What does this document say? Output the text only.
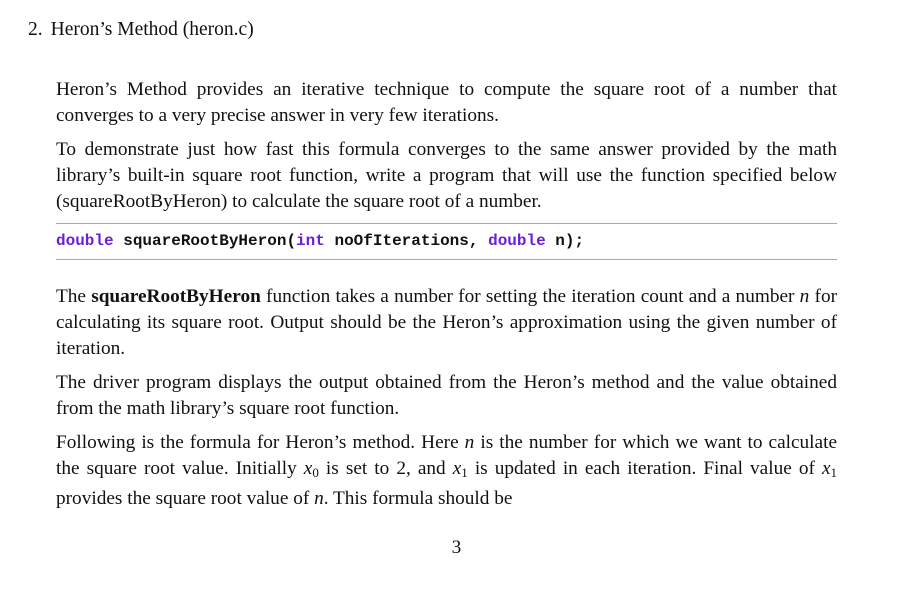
2. Heron’s Method (heron.c)

Heron’s Method provides an iterative technique to compute the square root of a number that converges to a very precise answer in very few iterations.

To demonstrate just how fast this formula converges to the same answer provided by the math library’s built-in square root function, write a program that will use the function specified below (squareRootByHeron) to calculate the square root of a number.

double squareRootByHeron(int noOfIterations, double n);

The squareRootByHeron function takes a number for setting the iteration count and a number n for calculating its square root. Output should be the Heron’s approximation using the given number of iteration.

The driver program displays the output obtained from the Heron’s method and the value obtained from the math library’s square root function.

Following is the formula for Heron’s method. Here n is the number for which we want to calculate the square root value. Initially $x_0$ is set to 2, and $x_1$ is updated in each iteration. Final value of $x_1$ provides the square root value of n. This formula should be

3
